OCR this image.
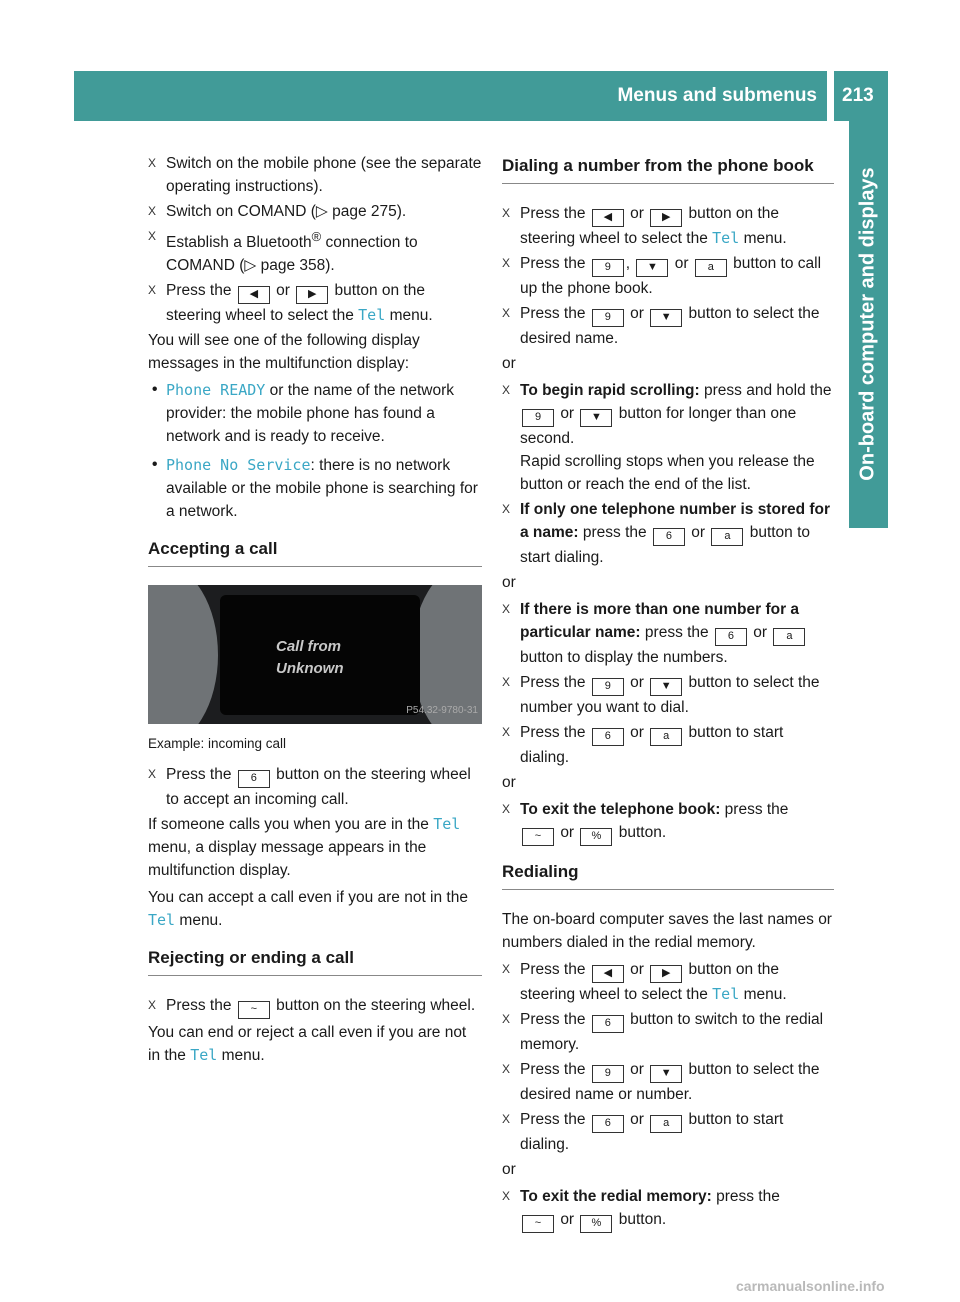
Menus and submenus 213
On-board computer and displays
X Switch on the mobile phone (see the separate operating instructions).
X Switch on COMAND (▷ page 275).
X Establish a Bluetooth® connection to COMAND (▷ page 358).
X Press the ◀ or ▶ button on the steering wheel to select the Tel menu.

You will see one of the following display messages in the multifunction display:

• Phone READY or the name of the network provider: the mobile phone has found a network and is ready to receive.
• Phone No Service: there is no network available or the mobile phone is searching for a network.
Accepting a call
Call from
Unknown
P54.32-9780-31
Example: incoming call
X Press the 6 button on the steering wheel to accept an incoming call.

If someone calls you when you are in the Tel menu, a display message appears in the multifunction display.

You can accept a call even if you are not in the Tel menu.

Rejecting or ending a call
X Press the ~ button on the steering wheel.

You can end or reject a call even if you are not in the Tel menu.

Dialing a number from the phone book
X Press the ◀ or ▶ button on the steering wheel to select the Tel menu.
X Press the 9 , ▼ or a button to call up the phone book.
X Press the 9 or ▼ button to select the desired name.

or

X To begin rapid scrolling: press and hold the 9 or ▼ button for longer than one second.
Rapid scrolling stops when you release the button or reach the end of the list.
X If only one telephone number is stored for a name: press the 6 or a button to start dialing.

or

X If there is more than one number for a particular name: press the 6 or a button to display the numbers.
X Press the 9 or ▼ button to select the number you want to dial.
X Press the 6 or a button to start dialing.

or

X To exit the telephone book: press the
~ or % button.
Redialing

The on-board computer saves the last names or numbers dialed in the redial memory.

X Press the ◀ or ▶ button on the steering wheel to select the Tel menu.
X Press the 6 button to switch to the redial memory.
X Press the 9 or ▼ button to select the desired name or number.
X Press the 6 or a button to start dialing.

or

X To exit the redial memory: press the
~ or % button.
carmanualsonline.info
